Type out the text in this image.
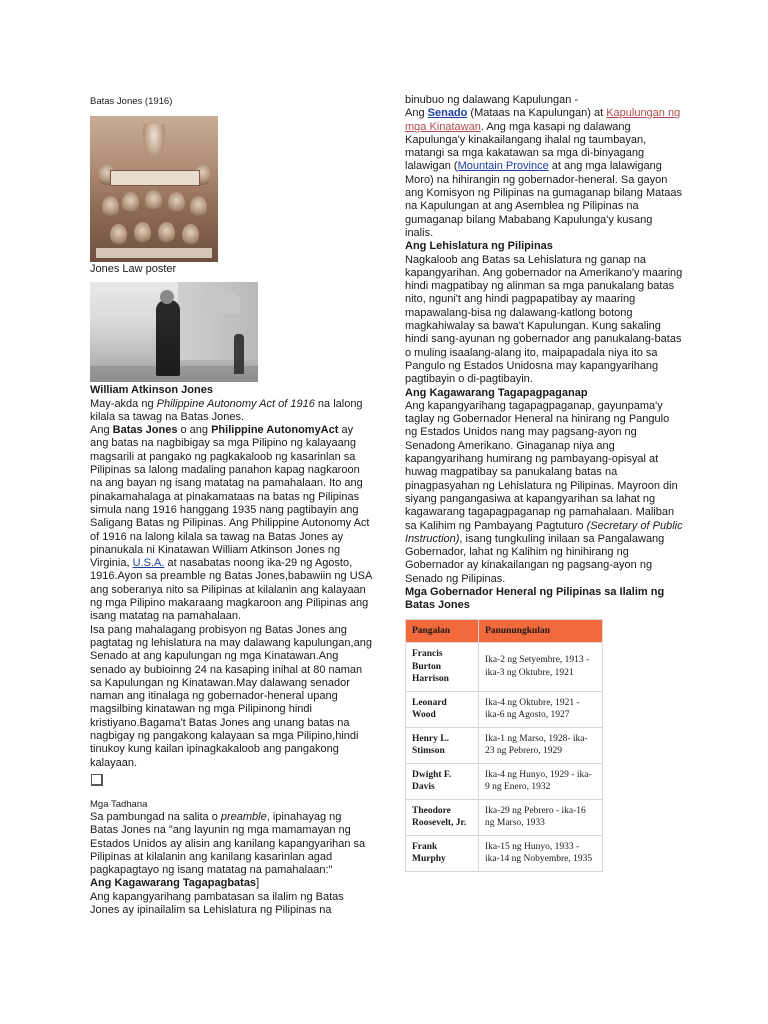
Batas Jones (1916)

Jones Law poster

William Atkinson Jones

May-akda ng Philippine Autonomy Act of 1916 na lalong kilala sa tawag na Batas Jones.

Ang Batas Jones o ang Philippine AutonomyAct ay ang batas na nagbibigay sa mga Pilipino ng kalayaang magsarili at pangako ng pagkakaloob ng kasarinlan sa Pilipinas sa lalong madaling panahon kapag nagkaroon na ang bayan ng isang matatag na pamahalaan. Ito ang pinakamahalaga at pinakamataas na batas ng Pilipinas simula nang 1916 hanggang 1935 nang pagtibayin ang Saligang Batas ng Pilipinas. Ang Philippine Autonomy Act of 1916 na lalong kilala sa tawag na Batas Jones ay pinanukala ni Kinatawan William Atkinson Jones ng Virginia, U.S.A. at nasabatas noong ika-29 ng Agosto, 1916.Ayon sa preamble ng Batas Jones,babawiin ng USA ang soberanya nito sa Pilipinas at kilalanin ang kalayaan ng mga Pilipino makaraang magkaroon ang Pilipinas ang isang matatag na pamahalaan.

Isa pang mahalagang probisyon ng Batas Jones ang pagtatag ng lehislatura na may dalawang kapulungan,ang Senado at ang kapulungan ng mga Kinatawan.Ang senado ay bubioinng 24 na kasaping inihal at 80 naman sa Kapulungan ng Kinatawan.May dalawang senador naman ang itinalaga ng gobernador-heneral upang magsilbing kinatawan ng mga Pilipinong hindi kristiyano.Bagama't Batas Jones ang unang batas na nagbigay ng pangakong kalayaan sa mga Pilipino,hindi tinukoy kung kailan ipinagkakaloob ang pangakong kalayaan.

Mga Tadhana

Sa pambungad na salita o preamble, ipinahayag ng Batas Jones na "ang layunin ng mga mamamayan ng Estados Unidos ay alisin ang kanilang kapangyarihan sa Pilipinas at kilalanin ang kanilang kasarinlan agad pagkapagtayo ng isang matatag na pamahalaan:"

Ang Kagawarang Tagapagbatas]

Ang kapangyarihang pambatasan sa ilalim ng Batas Jones ay ipinailalim sa Lehislatura ng Pilipinas na

binubuo ng dalawang Kapulungan -

Ang Senado (Mataas na Kapulungan) at Kapulungan ng mga Kinatawan. Ang mga kasapi ng dalawang Kapulunga'y kinakailangang ihalal ng taumbayan, matangi sa mga kakatawan sa mga di-binyagang lalawigan (Mountain Province at ang mga lalawigang Moro) na hihirangin ng gobernador-heneral. Sa gayon ang Komisyon ng Pilipinas na gumaganap bilang Mataas na Kapulungan at ang Asemblea ng Pilipinas na gumaganap bilang Mababang Kapulunga'y kusang inalis.

Ang Lehislatura ng Pilipinas

Nagkaloob ang Batas sa Lehislatura ng ganap na kapangyarihan. Ang gobernador na Amerikano'y maaring hindi magpatibay ng alinman sa mga panukalang batas nito, nguni't ang hindi pagpapatibay ay maaring mapawalang-bisa ng dalawang-katlong botong magkahiwalay sa bawa't Kapulungan. Kung sakaling hindi sang-ayunan ng gobernador ang panukalang-batas o muling isaalang-alang ito, maipapadala niya ito sa Pangulo ng Estados Unidosna may kapangyarihang pagtibayin o di-pagtibayin.

Ang Kagawarang Tagapagpaganap

Ang kapangyarihang tagapagpaganap, gayunpama'y taglay ng Gobernador Heneral na hinirang ng Pangulo ng Estados Unidos nang may pagsang-ayon ng Senadong Amerikano. Ginaganap niya ang kapangyarihang humirang ng pambayang-opisyal at huwag magpatibay sa panukalang batas na pinagpasyahan ng Lehislatura ng Pilipinas. Mayroon din siyang pangangasiwa at kapangyarihan sa lahat ng kagawarang tagapagpaganap ng pamahalaan. Maliban sa Kalihim ng Pambayang Pagtuturo (Secretary of Public Instruction), isang tungkuling inilaan sa Pangalawang Gobernador, lahat ng Kalihim ng hinihirang ng Gobernador ay kinakailangan ng pagsang-ayon ng Senado ng Pilipinas.

Mga Gobernador Heneral ng Pilipinas sa Ilalim ng Batas Jones

Pangalan	Panunungkulan
Francis Burton Harrison	Ika-2 ng Setyembre, 1913 - ika-3 ng Oktubre, 1921
Leonard Wood	Ika-4 ng Oktubre, 1921 - ika-6 ng Agosto, 1927
Henry L. Stimson	Ika-1 ng Marso, 1928- ika-23 ng Pebrero, 1929
Dwight F. Davis	Ika-4 ng Hunyo, 1929 - ika-9 ng Enero, 1932
Theodore Roosevelt, Jr.	Ika-29 ng Pebrero - ika-16 ng Marso, 1933
Frank Murphy	Ika-15 ng Hunyo, 1933 - ika-14 ng Nobyembre, 1935
